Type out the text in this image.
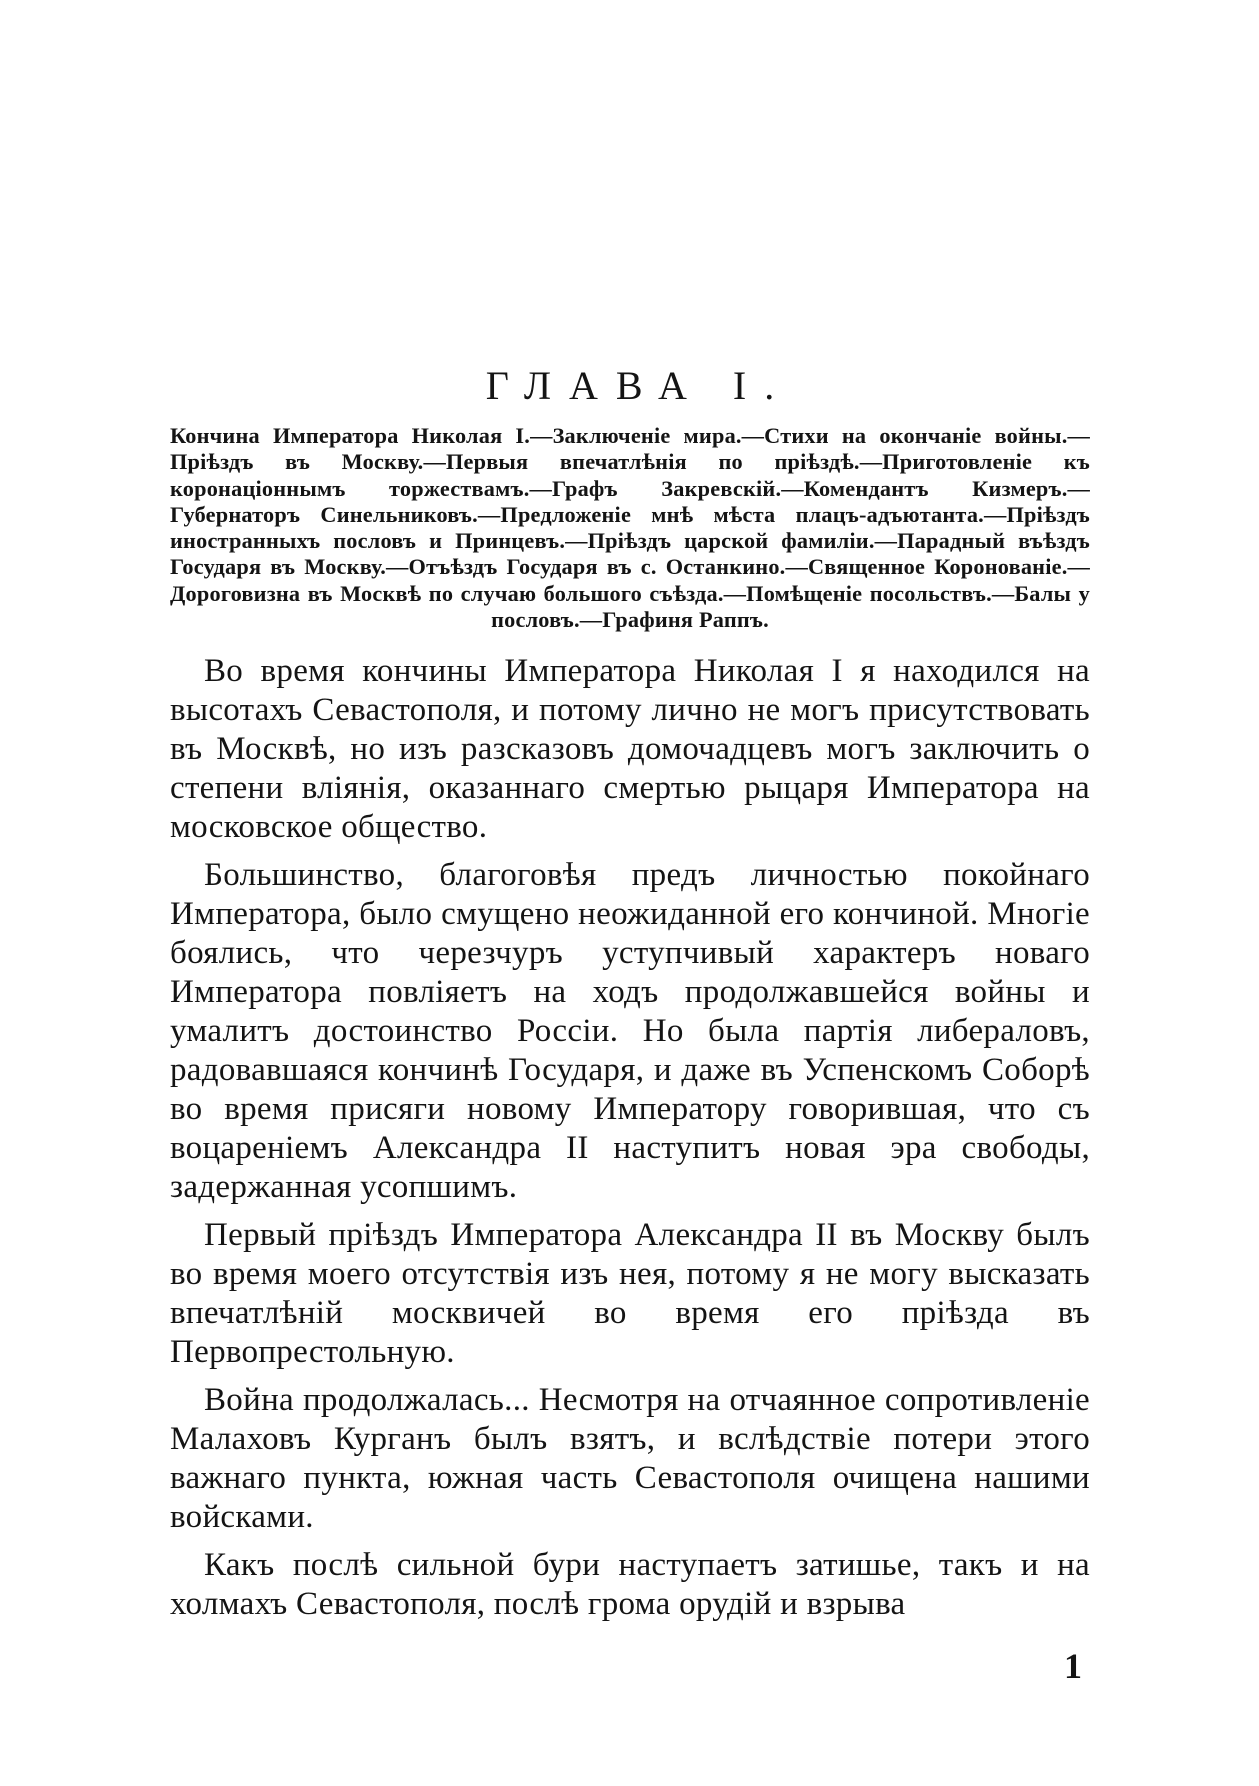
ГЛАВА I.

Кончина Императора Николая I.—Заключеніе мира.—Стихи на окончаніе войны.—Пріѣздъ въ Москву.—Первыя впечатлѣнія по пріѣздѣ.—Приготовленіе къ коронаціоннымъ торжествамъ.—Графъ Закревскій.—Комендантъ Кизмеръ.—Губернаторъ Синельниковъ.—Предложеніе мнѣ мѣста плацъ-адъютанта.—Пріѣздъ иностранныхъ пословъ и Принцевъ.—Пріѣздъ царской фамиліи.—Парадный въѣздъ Государя въ Москву.—Отъѣздъ Государя въ с. Останкино.—Священное Коронованіе.—Дороговизна въ Москвѣ по случаю большого съѣзда.—Помѣщеніе посольствъ.—Балы у пословъ.—Графиня Раппъ.

Во время кончины Императора Николая I я находился на высотахъ Севастополя, и потому лично не могъ присутствовать въ Москвѣ, но изъ разсказовъ домочадцевъ могъ заключить о степени вліянія, оказаннаго смертью рыцаря Императора на московское общество.

Большинство, благоговѣя предъ личностью покойнаго Императора, было смущено неожиданной его кончиной. Многіе боялись, что черезчуръ уступчивый характеръ новаго Императора повліяетъ на ходъ продолжавшейся войны и умалитъ достоинство Россіи. Но была партія либераловъ, радовавшаяся кончинѣ Государя, и даже въ Успенскомъ Соборѣ во время присяги новому Императору говорившая, что съ воцареніемъ Александра II наступитъ новая эра свободы, задержанная усопшимъ.

Первый пріѣздъ Императора Александра II въ Москву былъ во время моего отсутствія изъ нея, потому я не могу высказать впечатлѣній москвичей во время его пріѣзда въ Первопрестольную.

Война продолжалась... Несмотря на отчаянное сопротивленіе Малаховъ Курганъ былъ взятъ, и вслѣдствіе потери этого важнаго пункта, южная часть Севастополя очищена нашими войсками.

Какъ послѣ сильной бури наступаетъ затишье, такъ и на холмахъ Севастополя, послѣ грома орудій и взрыва

1
